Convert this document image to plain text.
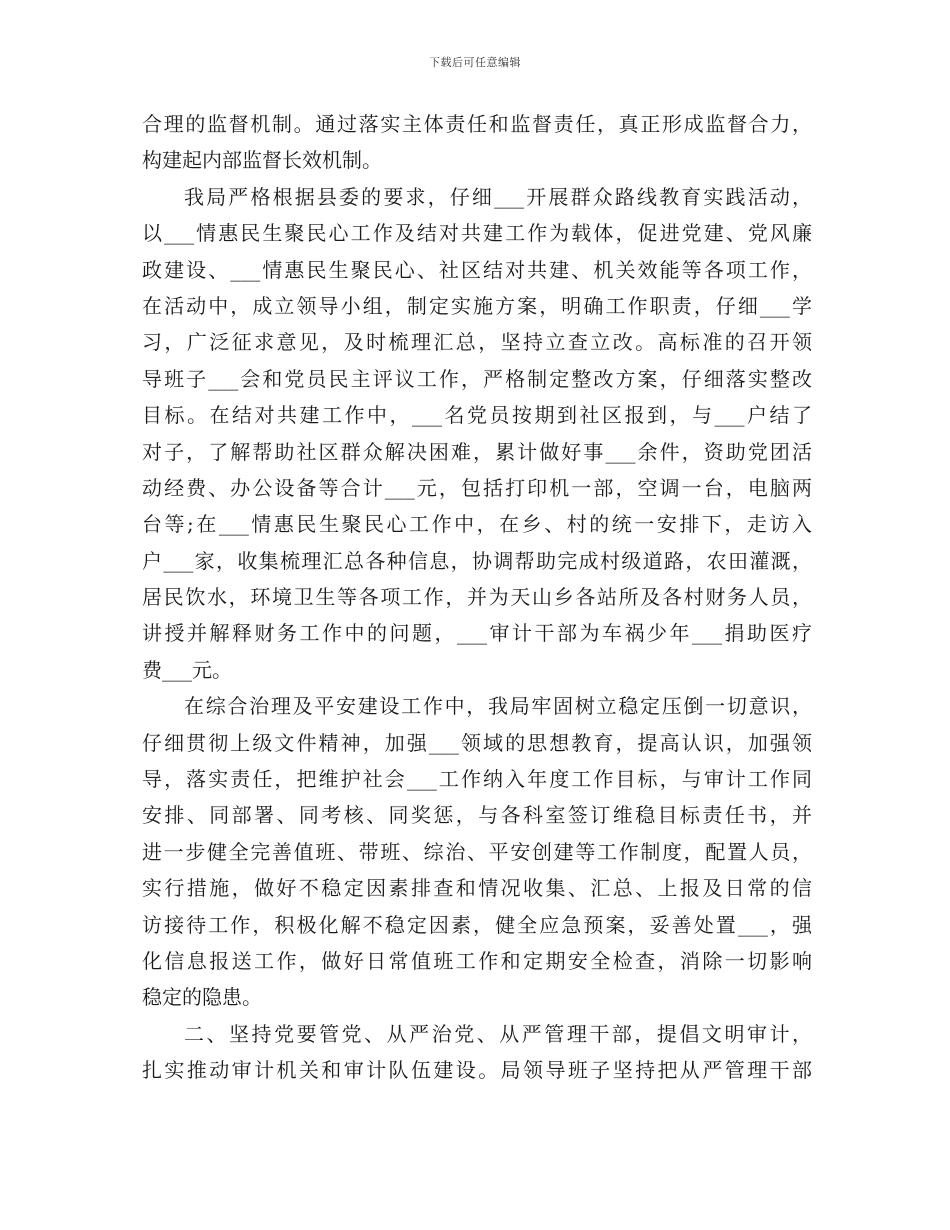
下载后可任意编辑
合理的监督机制。通过落实主体责任和监督责任，真正形成监督合力，
构建起内部监督长效机制。
我局严格根据县委的要求，仔细___开展群众路线教育实践活动，
以___情惠民生聚民心工作及结对共建工作为载体，促进党建、党风廉
政建设、___情惠民生聚民心、社区结对共建、机关效能等各项工作，
在活动中，成立领导小组，制定实施方案，明确工作职责，仔细___学
习，广泛征求意见，及时梳理汇总，坚持立查立改。高标准的召开领
导班子___会和党员民主评议工作，严格制定整改方案，仔细落实整改
目标。在结对共建工作中，___名党员按期到社区报到，与___户结了
对子，了解帮助社区群众解决困难，累计做好事___余件，资助党团活
动经费、办公设备等合计___元，包括打印机一部，空调一台，电脑两
台等;在___情惠民生聚民心工作中，在乡、村的统一安排下，走访入
户___家，收集梳理汇总各种信息，协调帮助完成村级道路，农田灌溉，
居民饮水，环境卫生等各项工作，并为天山乡各站所及各村财务人员，
讲授并解释财务工作中的问题，___审计干部为车祸少年___捐助医疗
费___元。
在综合治理及平安建设工作中，我局牢固树立稳定压倒一切意识，
仔细贯彻上级文件精神，加强___领域的思想教育，提高认识，加强领
导，落实责任，把维护社会___工作纳入年度工作目标，与审计工作同
安排、同部署、同考核、同奖惩，与各科室签订维稳目标责任书，并
进一步健全完善值班、带班、综治、平安创建等工作制度，配置人员，
实行措施，做好不稳定因素排查和情况收集、汇总、上报及日常的信
访接待工作，积极化解不稳定因素，健全应急预案，妥善处置___，强
化信息报送工作，做好日常值班工作和定期安全检查，消除一切影响
稳定的隐患。
二、坚持党要管党、从严治党、从严管理干部，提倡文明审计，
扎实推动审计机关和审计队伍建设。局领导班子坚持把从严管理干部
